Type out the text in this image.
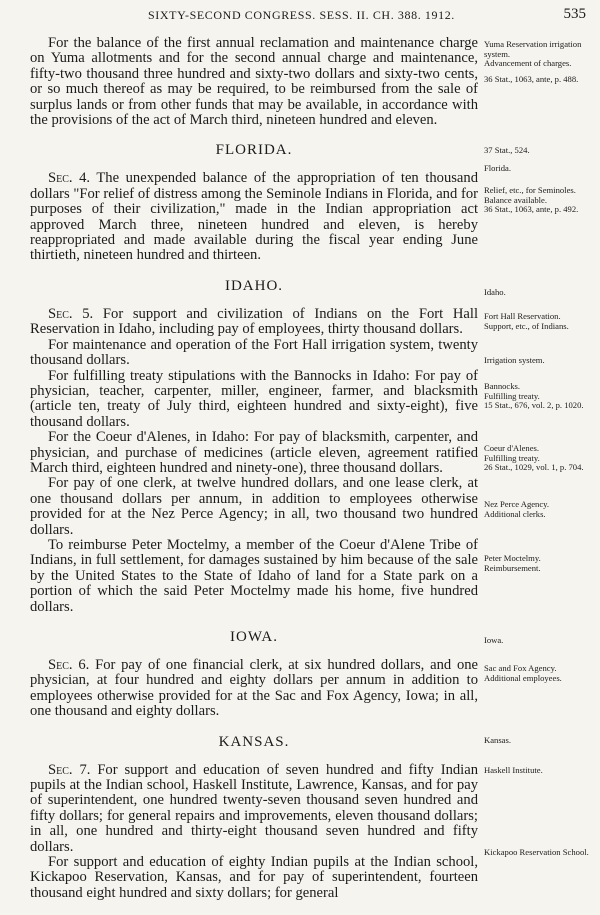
SIXTY-SECOND CONGRESS. SESS. II. CH. 388. 1912.	535

For the balance of the first annual reclamation and maintenance charge on Yuma allotments and for the second annual charge and maintenance, fifty-two thousand three hundred and sixty-two dollars and sixty-two cents, or so much thereof as may be required, to be reimbursed from the sale of surplus lands or from other funds that may be available, in accordance with the provisions of the act of March third, nineteen hundred and eleven.

FLORIDA.

Sec. 4. The unexpended balance of the appropriation of ten thousand dollars "For relief of distress among the Seminole Indians in Florida, and for purposes of their civilization," made in the Indian appropriation act approved March three, nineteen hundred and eleven, is hereby reappropriated and made available during the fiscal year ending June thirtieth, nineteen hundred and thirteen.

IDAHO.

Sec. 5. For support and civilization of Indians on the Fort Hall Reservation in Idaho, including pay of employees, thirty thousand dollars.

For maintenance and operation of the Fort Hall irrigation system, twenty thousand dollars.

For fulfilling treaty stipulations with the Bannocks in Idaho: For pay of physician, teacher, carpenter, miller, engineer, farmer, and blacksmith (article ten, treaty of July third, eighteen hundred and sixty-eight), five thousand dollars.

For the Coeur d'Alenes, in Idaho: For pay of blacksmith, carpenter, and physician, and purchase of medicines (article eleven, agreement ratified March third, eighteen hundred and ninety-one), three thousand dollars.

For pay of one clerk, at twelve hundred dollars, and one lease clerk, at one thousand dollars per annum, in addition to employees otherwise provided for at the Nez Perce Agency; in all, two thousand two hundred dollars.

To reimburse Peter Moctelmy, a member of the Coeur d'Alene Tribe of Indians, in full settlement, for damages sustained by him because of the sale by the United States to the State of Idaho of land for a State park on a portion of which the said Peter Moctelmy made his home, five hundred dollars.

IOWA.

Sec. 6. For pay of one financial clerk, at six hundred dollars, and one physician, at four hundred and eighty dollars per annum in addition to employees otherwise provided for at the Sac and Fox Agency, Iowa; in all, one thousand and eighty dollars.

KANSAS.

Sec. 7. For support and education of seven hundred and fifty Indian pupils at the Indian school, Haskell Institute, Lawrence, Kansas, and for pay of superintendent, one hundred twenty-seven thousand seven hundred and fifty dollars; for general repairs and improvements, eleven thousand dollars; in all, one hundred and thirty-eight thousand seven hundred and fifty dollars.

For support and education of eighty Indian pupils at the Indian school, Kickapoo Reservation, Kansas, and for pay of superintendent, fourteen thousand eight hundred and sixty dollars; for general

Yuma Reservation irrigation system.
Advancement of charges.
36 Stat., 1063, ante, p. 488.
37 Stat., 524.
Florida.
Relief, etc., for Seminoles.
Balance available.
36 Stat., 1063, ante, p. 492.
Idaho.
Fort Hall Reservation.
Support, etc., of Indians.
Irrigation system.
Bannocks.
Fulfilling treaty.
15 Stat., 676, vol. 2, p. 1020.
Coeur d'Alenes.
Fulfilling treaty.
26 Stat., 1029, vol. 1, p. 704.
Nez Perce Agency.
Additional clerks.
Peter Moctelmy.
Reimbursement.
Iowa.
Sac and Fox Agency.
Additional employees.
Kansas.
Haskell Institute.
Kickapoo Reservation School.
